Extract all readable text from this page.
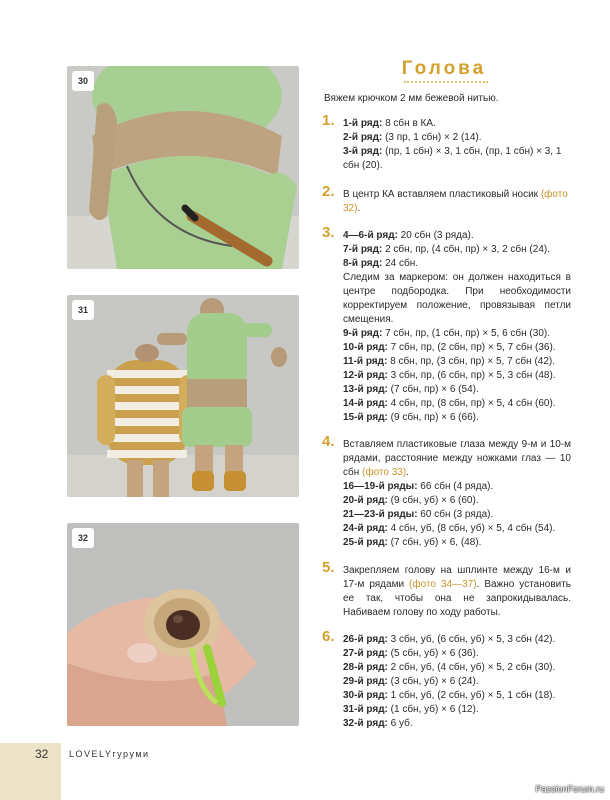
30
31
32
Голова
Вяжем крючком 2 мм бежевой нитью.
1. 1-й ряд: 8 сбн в КА.
2-й ряд: (3 пр, 1 сбн) × 2 (14).
3-й ряд: (пр, 1 сбн) × 3, 1 сбн, (пр, 1 сбн) × 3, 1 сбн (20).
2. В центр КА вставляем пластиковый носик (фото 32).
3. 4—6-й ряд: 20 сбн (3 ряда).
7-й ряд: 2 сбн, пр, (4 сбн, пр) × 3, 2 сбн (24).
8-й ряд: 24 сбн.
Следим за маркером: он должен находиться в центре подбородка. При необходимости корректируем положение, провязывая петли смещения.
9-й ряд: 7 сбн, пр, (1 сбн, пр) × 5, 6 сбн (30).
10-й ряд: 7 сбн, пр, (2 сбн, пр) × 5, 7 сбн (36).
11-й ряд: 8 сбн, пр, (3 сбн, пр) × 5, 7 сбн (42).
12-й ряд: 3 сбн, пр, (6 сбн, пр) × 5, 3 сбн (48).
13-й ряд: (7 сбн, пр) × 6 (54).
14-й ряд: 4 сбн, пр, (8 сбн, пр) × 5, 4 сбн (60).
15-й ряд: (9 сбн, пр) × 6 (66).
4. Вставляем пластиковые глаза между 9-м и 10-м рядами, расстояние между ножками глаз — 10 сбн (фото 33).
16—19-й ряды: 66 сбн (4 ряда).
20-й ряд: (9 сбн, уб) × 6 (60).
21—23-й ряды: 60 сбн (3 ряда).
24-й ряд: 4 сбн, уб, (8 сбн, уб) × 5, 4 сбн (54).
25-й ряд: (7 сбн, уб) × 6, (48).
5. Закрепляем голову на шплинте между 16-м и 17-м рядами (фото 34—37). Важно установить ее так, чтобы она не запрокидывалась. Набиваем голову по ходу работы.
6. 26-й ряд: 3 сбн, уб, (6 сбн, уб) × 5, 3 сбн (42).
27-й ряд: (5 сбн, уб) × 6 (36).
28-й ряд: 2 сбн, уб, (4 сбн, уб) × 5, 2 сбн (30).
29-й ряд: (3 сбн, уб) × 6 (24).
30-й ряд: 1 сбн, уб, (2 сбн, уб) × 5, 1 сбн (18).
31-й ряд: (1 сбн, уб) × 6 (12).
32-й ряд: 6 уб.
32 LOVELYгуруми
PassionForum.ru
